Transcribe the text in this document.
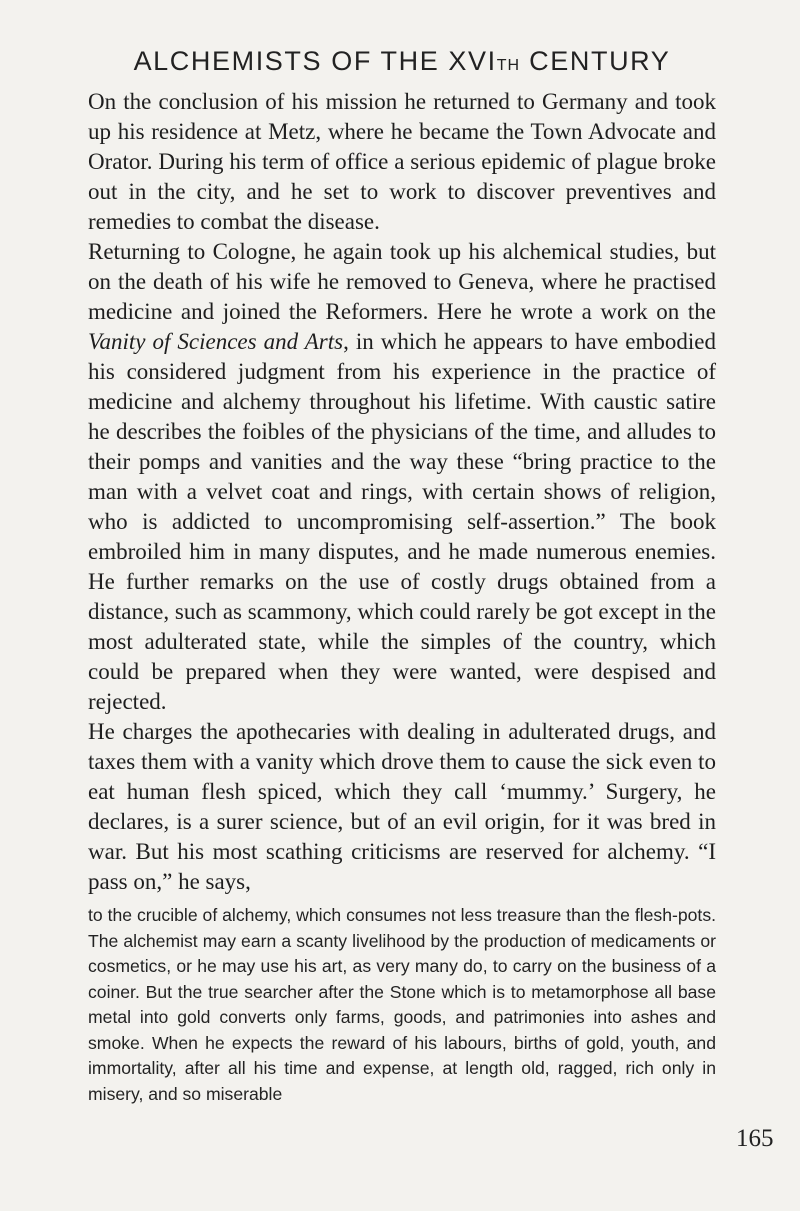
ALCHEMISTS OF THE XVITH CENTURY

On the conclusion of his mission he returned to Germany and took up his residence at Metz, where he became the Town Advocate and Orator. During his term of office a serious epidemic of plague broke out in the city, and he set to work to discover preventives and remedies to combat the disease.

Returning to Cologne, he again took up his alchemical studies, but on the death of his wife he removed to Geneva, where he practised medicine and joined the Reformers. Here he wrote a work on the Vanity of Sciences and Arts, in which he appears to have embodied his considered judgment from his experience in the practice of medicine and alchemy throughout his lifetime. With caustic satire he describes the foibles of the physicians of the time, and alludes to their pomps and vanities and the way these “bring practice to the man with a velvet coat and rings, with certain shows of religion, who is addicted to uncompromising self-assertion.” The book embroiled him in many disputes, and he made numerous enemies. He further remarks on the use of costly drugs obtained from a distance, such as scammony, which could rarely be got except in the most adulterated state, while the simples of the country, which could be prepared when they were wanted, were despised and rejected.

He charges the apothecaries with dealing in adulterated drugs, and taxes them with a vanity which drove them to cause the sick even to eat human flesh spiced, which they call ‘mummy.’ Surgery, he declares, is a surer science, but of an evil origin, for it was bred in war. But his most scathing criticisms are reserved for alchemy. “I pass on,” he says,

to the crucible of alchemy, which consumes not less treasure than the flesh-pots. The alchemist may earn a scanty livelihood by the production of medicaments or cosmetics, or he may use his art, as very many do, to carry on the business of a coiner. But the true searcher after the Stone which is to metamorphose all base metal into gold converts only farms, goods, and patrimonies into ashes and smoke. When he expects the reward of his labours, births of gold, youth, and immortality, after all his time and expense, at length old, ragged, rich only in misery, and so miserable

165
